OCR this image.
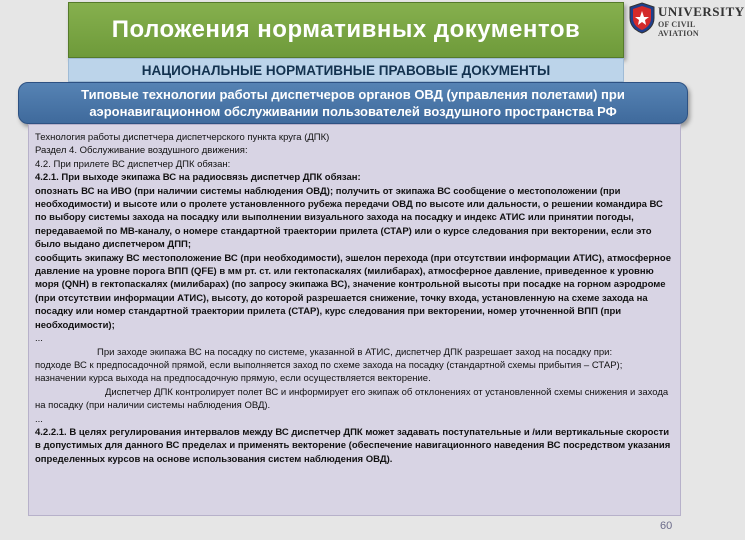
Положения нормативных документов
UNIVERSITY
OF CIVIL AVIATION
НАЦИОНАЛЬНЫЕ НОРМАТИВНЫЕ ПРАВОВЫЕ ДОКУМЕНТЫ
Типовые технологии работы диспетчеров органов ОВД (управления полетами) при аэронавигационном обслуживании пользователей воздушного пространства РФ

Технология работы диспетчера диспетчерского пункта круга (ДПК)

Раздел 4. Обслуживание воздушного движения:

4.2. При прилете ВС диспетчер ДПК обязан:

4.2.1. При выходе экипажа ВС на радиосвязь диспетчер ДПК обязан:

опознать ВС на ИВО (при наличии системы наблюдения ОВД); получить от экипажа ВС сообщение о местоположении (при необходимости) и высоте или о пролете установленного рубежа передачи ОВД по высоте или дальности, о решении командира ВС по выбору системы захода на посадку или выполнении визуального захода на посадку и индекс АТИС или принятии погоды, передаваемой по МВ-каналу, о номере стандартной траектории прилета (СТАР) или о курсе следования при векторении, если это было выдано диспетчером ДПП;

сообщить экипажу ВС местоположение ВС (при необходимости), эшелон перехода (при отсутствии информации АТИС), атмосферное давление на уровне порога ВПП (QFE) в мм рт. ст. или гектопаскалях (милибарах), атмосферное давление, приведенное к уровню моря (QNH) в гектопаскалях (милибарах) (по запросу экипажа ВС), значение контрольной высоты при посадке на горном аэродроме (при отсутствии информации АТИС), высоту, до которой разрешается снижение, точку входа, установленную на схеме захода на посадку или номер стандартной траектории прилета (СТАР), курс следования при векторении, номер уточненной ВПП (при необходимости);

...

При заходе экипажа ВС на посадку по системе, указанной в АТИС, диспетчер ДПК разрешает заход на посадку при:

подходе ВС к предпосадочной прямой, если выполняется заход по схеме захода на посадку (стандартной схемы прибытия – СТАР);

назначении курса выхода на предпосадочную прямую, если осуществляется векторение.

Диспетчер ДПК контролирует полет ВС и информирует его экипаж об отклонениях от установленной схемы снижения и захода на посадку (при наличии системы наблюдения ОВД).

...

4.2.2.1. В целях регулирования интервалов между ВС диспетчер ДПК может задавать поступательные и /или вертикальные скорости в допустимых для данного ВС пределах и применять векторение (обеспечение навигационного наведения ВС посредством указания определенных курсов на основе использования систем наблюдения ОВД).

60
